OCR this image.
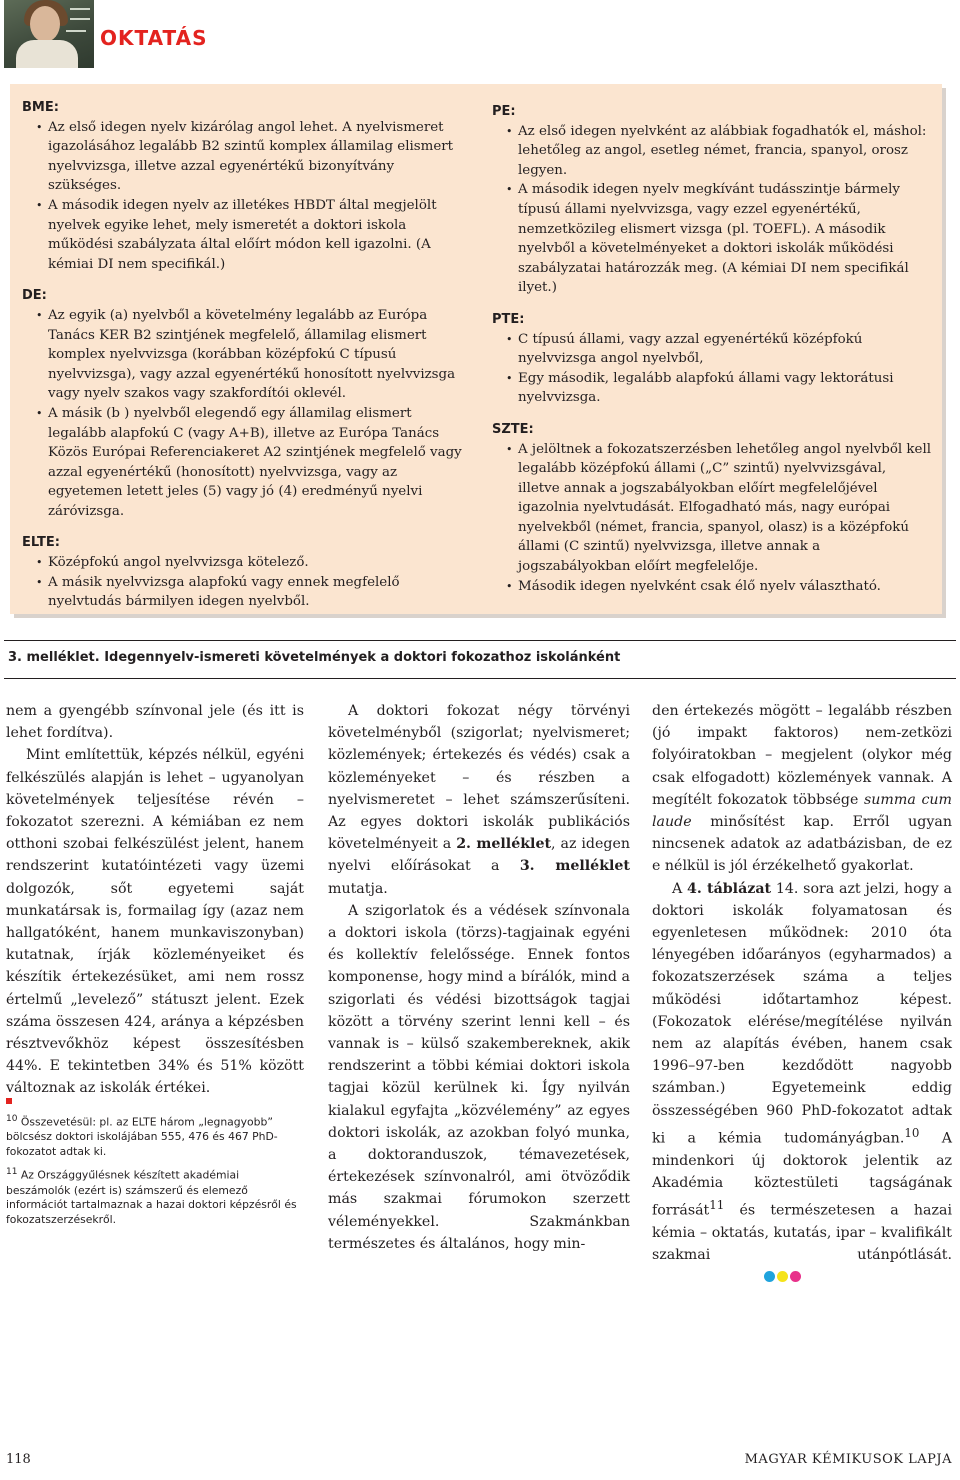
OKTATÁS

BME:

• Az első idegen nyelv kizárólag angol lehet. A nyelvismeret igazolásához legalább B2 szintű komplex államilag elismert nyelvvizsga, illetve azzal egyenértékű bizonyítvány szükséges.
• A második idegen nyelv az illetékes HBDT által megjelölt nyelvek egyike lehet, mely ismeretét a doktori iskola működési szabályzata által előírt módon kell igazolni. (A kémiai DI nem specifikál.)

DE:

• Az egyik (a) nyelvből a követelmény legalább az Európa Tanács KER B2 szintjének megfelelő, államilag elismert komplex nyelvvizsga (korábban középfokú C típusú nyelvvizsga), vagy azzal egyenértékű honosított nyelvvizsga vagy nyelv szakos vagy szakfordítói oklevél.
• A másik (b ) nyelvből elegendő egy államilag elismert legalább alapfokú C (vagy A+B), illetve az Európa Tanács Közös Európai Referenciakeret A2 szintjének megfelelő vagy azzal egyenértékű (honosított) nyelvvizsga, vagy az egyetemen letett jeles (5) vagy jó (4) eredményű nyelvi záróvizsga.

ELTE:

• Középfokú angol nyelvvizsga kötelező.
• A másik nyelvvizsga alapfokú vagy ennek megfelelő nyelvtudás bármilyen idegen nyelvből.

PE:

• Az első idegen nyelvként az alábbiak fogadhatók el, máshol: lehetőleg az angol, esetleg német, francia, spanyol, orosz legyen.
• A második idegen nyelv megkívánt tudásszintje bármely típusú állami nyelvvizsga, vagy ezzel egyenértékű, nemzetközileg elismert vizsga (pl. TOEFL). A második nyelvből a követelményeket a doktori iskolák működési szabályzatai határozzák meg. (A kémiai DI nem specifikál ilyet.)

PTE:

• C típusú állami, vagy azzal egyenértékű középfokú nyelvvizsga angol nyelvből,
• Egy második, legalább alapfokú állami vagy lektorátusi nyelvvizsga.

SZTE:

• A jelöltnek a fokozatszerzésben lehetőleg angol nyelvből kell legalább középfokú állami („C” szintű) nyelvvizsgával, illetve annak a jogszabályokban előírt megfelelőjével igazolnia nyelvtudását. Elfogadható más, nagy európai nyelvekből (német, francia, spanyol, olasz) is a középfokú állami (C szintű) nyelvvizsga, illetve annak a jogszabályokban előírt megfelelője.
• Második idegen nyelvként csak élő nyelv választható.
3. melléklet. Idegennyelv-ismereti követelmények a doktori fokozathoz iskolánként

nem a gyengébb színvonal jele (és itt is lehet fordítva).

Mint említettük, képzés nélkül, egyéni felkészülés alapján is lehet – ugyanolyan követelmények teljesítése révén – fokozatot szerezni. A kémiában ez nem otthoni szobai felkészülést jelent, hanem rendszerint kutatóintézeti vagy üzemi dolgozók, sőt egyetemi saját munkatársak is, formailag így (azaz nem hallgatóként, hanem munkaviszonyban) kutatnak, írják közleményeiket és készítik értekezésüket, ami nem rossz értelmű „levelező” státuszt jelent. Ezek száma összesen 424, aránya a képzésben résztvevőkhöz képest összesítésben 44%. E tekintetben 34% és 51% között változnak az iskolák értékei.

$^{10}$ Összevetésül: pl. az ELTE három „legnagyobb” bölcsész doktori iskolájában 555, 476 és 467 PhD-fokozatot adtak ki.

$^{11}$ Az Országgyűlésnek készített akadémiai beszámolók (ezért is) számszerű és elemező információt tartalmaznak a hazai doktori képzésről és fokozatszerzésekről.

A doktori fokozat négy törvényi követelményből (szigorlat; nyelvismeret; közlemények; értekezés és védés) csak a közleményeket – és részben a nyelvismeretet – lehet számszerűsíteni. Az egyes doktori iskolák publikációs követelményeit a 2. melléklet, az idegen nyelvi előírásokat a 3. melléklet mutatja.

A szigorlatok és a védések színvonala a doktori iskola (törzs)-tagjainak egyéni és kollektív felelőssége. Ennek fontos komponense, hogy mind a bírálók, mind a szigorlati és védési bizottságok tagjai között a törvény szerint lenni kell – és vannak is – külső szakembereknek, akik rendszerint a többi kémiai doktori iskola tagjai közül kerülnek ki. Így nyilván kialakul egyfajta „közvélemény” az egyes doktori iskolák, az azokban folyó munka, a doktoranduszok, témavezetések, értekezések színvonalról, ami ötvöződik más szakmai fórumokon szerzett véleményekkel. Szakmánkban természetes és általános, hogy min-

den értekezés mögött – legalább részben (jó impakt faktoros) nem-zetközi folyóiratokban – megjelent (olykor még csak elfogadott) közlemények vannak. A megítélt fokozatok többsége summa cum laude minősítést kap. Erről ugyan nincsenek adatok az adatbázisban, de ez e nélkül is jól érzékelhető gyakorlat.

A 4. táblázat 14. sora azt jelzi, hogy a doktori iskolák folyamatosan és egyenletesen működnek: 2010 óta lényegében időarányos (egyharmados) a fokozatszerzések száma a teljes működési időtartamhoz képest. (Fokozatok elérése/megítélése nyilván nem az alapítás évében, hanem csak 1996–97-ben kezdődött nagyobb számban.) Egyetemeink eddig összességében 960 PhD-fokozatot adtak ki a kémia tudományágban.$^{10}$ A mindenkori új doktorok jelentik az Akadémia köztestületi tagságának forrását$^{11}$ és természetesen a hazai kémia – oktatás, kutatás, ipar – kvalifikált szakmai utánpótlását.

118	MAGYAR KÉMIKUSOK LAPJA
